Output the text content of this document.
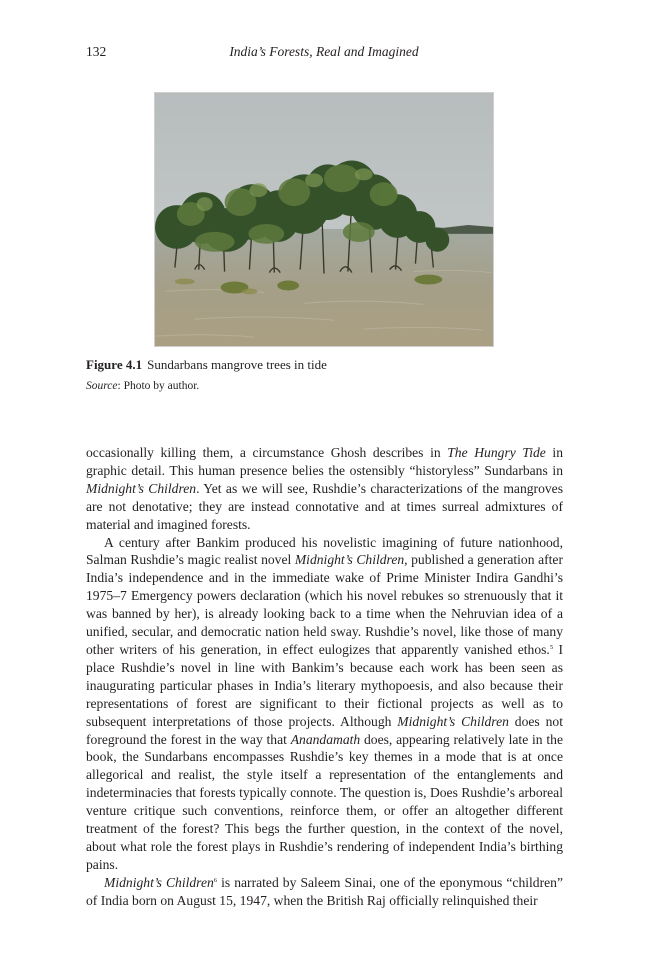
132	India’s Forests, Real and Imagined
Figure 4.1 Sundarbans mangrove trees in tide
Source: Photo by author.

occasionally killing them, a circumstance Ghosh describes in The Hungry Tide in graphic detail. This human presence belies the ostensibly “historyless” Sundarbans in Midnight’s Children. Yet as we will see, Rushdie’s characterizations of the mangroves are not denotative; they are instead connotative and at times surreal admixtures of material and imagined forests.

A century after Bankim produced his novelistic imagining of future nationhood, Salman Rushdie’s magic realist novel Midnight’s Children, published a generation after India’s independence and in the immediate wake of Prime Minister Indira Gandhi’s 1975–7 Emergency powers declaration (which his novel rebukes so strenuously that it was banned by her), is already looking back to a time when the Nehruvian idea of a unified, secular, and democratic nation held sway. Rushdie’s novel, like those of many other writers of his generation, in effect eulogizes that apparently vanished ethos.$^5$ I place Rushdie’s novel in line with Bankim’s because each work has been seen as inaugurating particular phases in India’s literary mythopoesis, and also because their representations of forest are significant to their fictional projects as well as to subsequent interpretations of those projects. Although Midnight’s Children does not foreground the forest in the way that Anandamath does, appearing relatively late in the book, the Sundarbans encompasses Rushdie’s key themes in a mode that is at once allegorical and realist, the style itself a representation of the entanglements and indeterminacies that forests typically connote. The question is, Does Rushdie’s arboreal venture critique such conventions, reinforce them, or offer an altogether different treatment of the forest? This begs the further question, in the context of the novel, about what role the forest plays in Rushdie’s rendering of independent India’s birthing pains.

Midnight’s Children$^6$ is narrated by Saleem Sinai, one of the eponymous “children” of India born on August 15, 1947, when the British Raj officially relinquished their
